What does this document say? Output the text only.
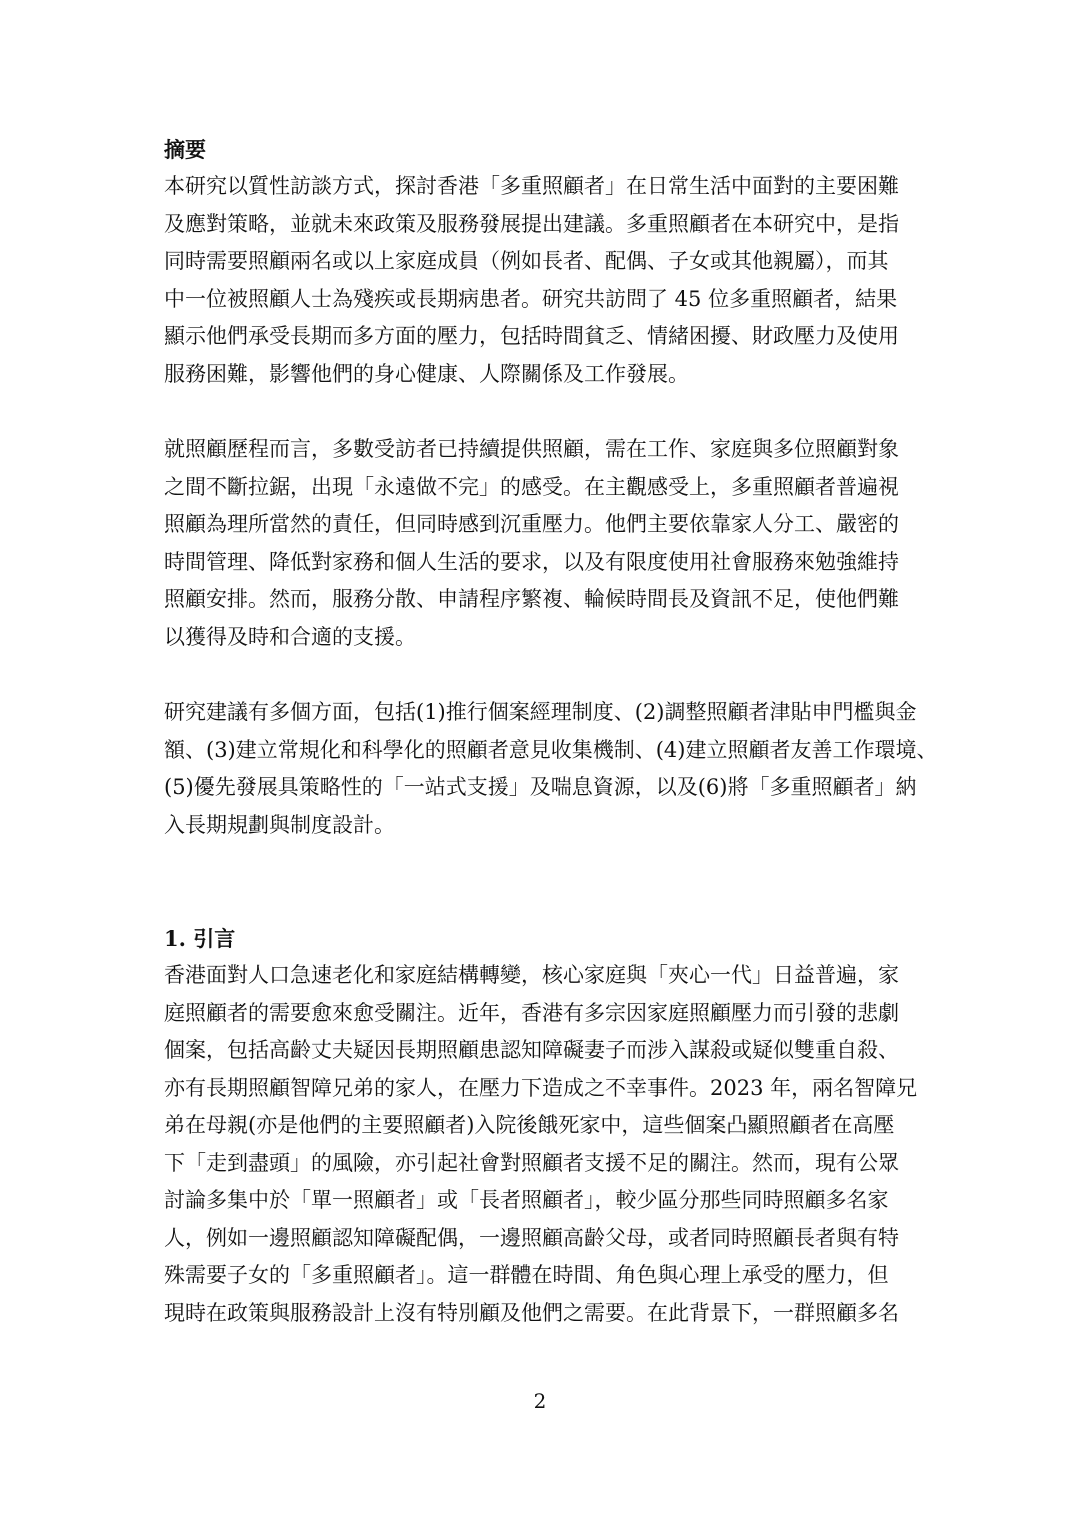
摘要
本研究以質性訪談方式，探討香港「多重照顧者」在日常生活中面對的主要困難
及應對策略，並就未來政策及服務發展提出建議。多重照顧者在本研究中，是指
同時需要照顧兩名或以上家庭成員（例如長者、配偶、子女或其他親屬），而其
中一位被照顧人士為殘疾或長期病患者。研究共訪問了 45 位多重照顧者，結果
顯示他們承受長期而多方面的壓力，包括時間貧乏、情緒困擾、財政壓力及使用
服務困難，影響他們的身心健康、人際關係及工作發展。
就照顧歷程而言，多數受訪者已持續提供照顧，需在工作、家庭與多位照顧對象
之間不斷拉鋸，出現「永遠做不完」的感受。在主觀感受上，多重照顧者普遍視
照顧為理所當然的責任，但同時感到沉重壓力。他們主要依靠家人分工、嚴密的
時間管理、降低對家務和個人生活的要求，以及有限度使用社會服務來勉強維持
照顧安排。然而，服務分散、申請程序繁複、輪候時間長及資訊不足，使他們難
以獲得及時和合適的支援。
研究建議有多個方面，包括(1)推行個案經理制度、(2)調整照顧者津貼申門檻與金
額、(3)建立常規化和科學化的照顧者意見收集機制、(4)建立照顧者友善工作環境、
(5)優先發展具策略性的「一站式支援」及喘息資源，以及(6)將「多重照顧者」納
入長期規劃與制度設計。
1. 引言
香港面對人口急速老化和家庭結構轉變，核心家庭與「夾心一代」日益普遍，家
庭照顧者的需要愈來愈受關注。近年，香港有多宗因家庭照顧壓力而引發的悲劇
個案，包括高齡丈夫疑因長期照顧患認知障礙妻子而涉入謀殺或疑似雙重自殺、
亦有長期照顧智障兄弟的家人，在壓力下造成之不幸事件。2023 年，兩名智障兄
弟在母親(亦是他們的主要照顧者)入院後餓死家中，這些個案凸顯照顧者在高壓
下「走到盡頭」的風險，亦引起社會對照顧者支援不足的關注。然而，現有公眾
討論多集中於「單一照顧者」或「長者照顧者」，較少區分那些同時照顧多名家
人，例如一邊照顧認知障礙配偶，一邊照顧高齡父母，或者同時照顧長者與有特
殊需要子女的「多重照顧者」。這一群體在時間、角色與心理上承受的壓力，但
現時在政策與服務設計上沒有特別顧及他們之需要。在此背景下，一群照顧多名
2
